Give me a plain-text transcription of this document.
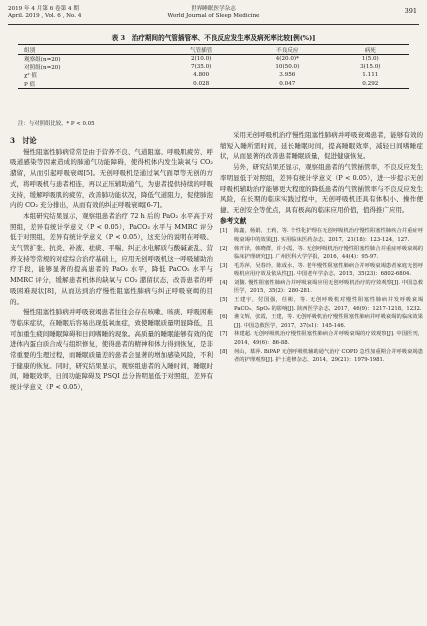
2019 年 4 月第 6 卷第 4 期
April. 2019 , Vol. 6 , No. 4
世界睡眠医学杂志
World Journal of Sleep Medicine
391
表 3　治疗期间的气管插管率、不良反应发生率及病死率比较[例(%)]
组别	气管插管	不良反应	病死
观察组(n=20)	2(10.0)	4(20.0)*	1(5.0)
对照组(n=20)	7(35.0)	10(50.0)	3(15.0)
χ² 值	4.800	3.956	1.111
P 值	0.028	0.047	0.292
注：与对照组比较，* P < 0.05

3　讨论

慢性阻塞性肺病常常是由于营养不良、气道阻塞、呼吸肌疲劳、呼吸道感染等因素造成的肺通气功能障碍，使得机体内发生缺氧与 CO₂ 潴留，从而引起呼吸衰竭[5]。无创呼吸机是通过氧气面罩等无创的方式，将呼吸机与患者相连，再以正压辅助通气，为患者提供持续的呼吸支持，缓解呼吸肌的疲劳，改善肺功能状况，降低气道阻力，促使肺泡内的 CO₂ 充分排出，从而有效的纠正呼吸衰竭[6-7]。

本组研究结果显示，观察组患者治疗 72 h 后的 PaO₂ 水平高于对照组，差异有统计学意义（P < 0.05），PaCO₂ 水平与 MMRC 评分低于对照组，差异有统计学意义（P < 0.05），这充分的说明在呼吸、支气管扩张、抗炎、补液、祛痰、平喘、纠正水电解质与酸碱紊乱、营养支持等常规的对症综合治疗基础上，应用无创呼吸机这一呼吸辅助治疗手段，能够显著的提高患者的 PaO₂ 水平，降低 PaCO₂ 水平与 MMRC 评分，缓解患者机体的缺氧与 CO₂ 潴留状态，改善患者的呼吸困难现状[8]，从而达到治疗慢性阻塞性肺病与纠正呼吸衰竭的目的。

慢性阻塞性肺病并呼吸衰竭患者往往会存在咳嗽、咳痰、呼吸困难等临床症状，在睡眠后容易出现低氧血症，致使睡眠质量明显降低，且可加重生疲间睡眠障碍和日间嗜睡的现象。高质量的睡眠能够有效的促进体内蛋白质合成与组织修复，使得患者的精神和体力得到恢复，是非常重要的生理过程，而睡眠质量差的患者会显著的增加感染风险，不利于健康的恢复。同时，研究结果显示，观察组患者的入睡时间，睡眠时间，睡眠效率，日间功能障碍及 PSQI 总分皆明显低于对照组，差异有统计学意义（P < 0.05），

采用无创呼吸机治疗慢性阻塞性肺病并呼吸衰竭患者，能够有效的缩短入睡所需时间，延长睡眠时间，提高睡眠效率，减轻日间嗜睡症状，从而显著的改善患者睡眠质量，促进健康恢复。

另外，研究结果还显示，观察组患者的气管插管率，不良反应发生率明显低于对照组，差异有统计学意义（P < 0.05），进一步提示无创呼吸机辅助治疗能够更大程度的降低患者的气管插管率与不良反应发生风险，在长期的临床实践过程中，无创呼吸机还具有体积小、操作便捷、无创安全等优点，具有极高的临床应用价值，值得推广应用。

参考文献

[1]	陈鑫，杨娟，王莉，等. 个性化护理在无创呼吸机治疗慢性阻塞性肺疾合并重症呼吸衰竭中的效果[J]. 实用临床医药杂志，2017，21(18)：123-124，127.
[2]	韩开泽，韩晓群，许小霞，等. 无创呼吸机治疗慢性阻塞性肺合并重症呼吸衰竭的临床护理研究[J]. 广州医科大学学报，2016，44(4)：95-97.
[3]	毛苏萍，吴春玲，陈成水，等. 老年慢性阻塞性肺病合并呼吸衰竭患者家庭无创呼吸机应用疗效及依从性[J]. 中国老年学杂志，2015，35(23)：6802-6804.
[4]	刘馥. 慢性阻塞性肺病合并呼吸衰竭应用无创呼吸机治疗的疗效观察[J]. 中国急救医学，2015，35(2)：280-281.
[5]	王建宇，付国强，任彬，等. 无创呼吸机对慢性阻塞性肺病并发呼吸衰竭 PaCO₂、SpO₂ 的影响[J]. 陕西医学杂志，2017，46(9)：1217-1218，1232.
[6]	谯文辉，张霞，王建，等. 无创呼吸机治疗慢性阻塞性肺病并呼吸衰竭的临床效果[J]. 中国急救医学，2017，37(s1)：145-146.
[7]	林建超. 无创呼吸机治疗慢性阻塞性肺病合并呼吸衰竭的疗效观察[J]. 中国医刊，2014，49(6)：86-88.
[8]	何山，慕萍. BiPAP 无创呼吸机辅助通气治疗 COPD 急性加重期合并呼吸衰竭患者的护理观察[J]. 护士进修杂志，2014，29(21)：1979-1981.
